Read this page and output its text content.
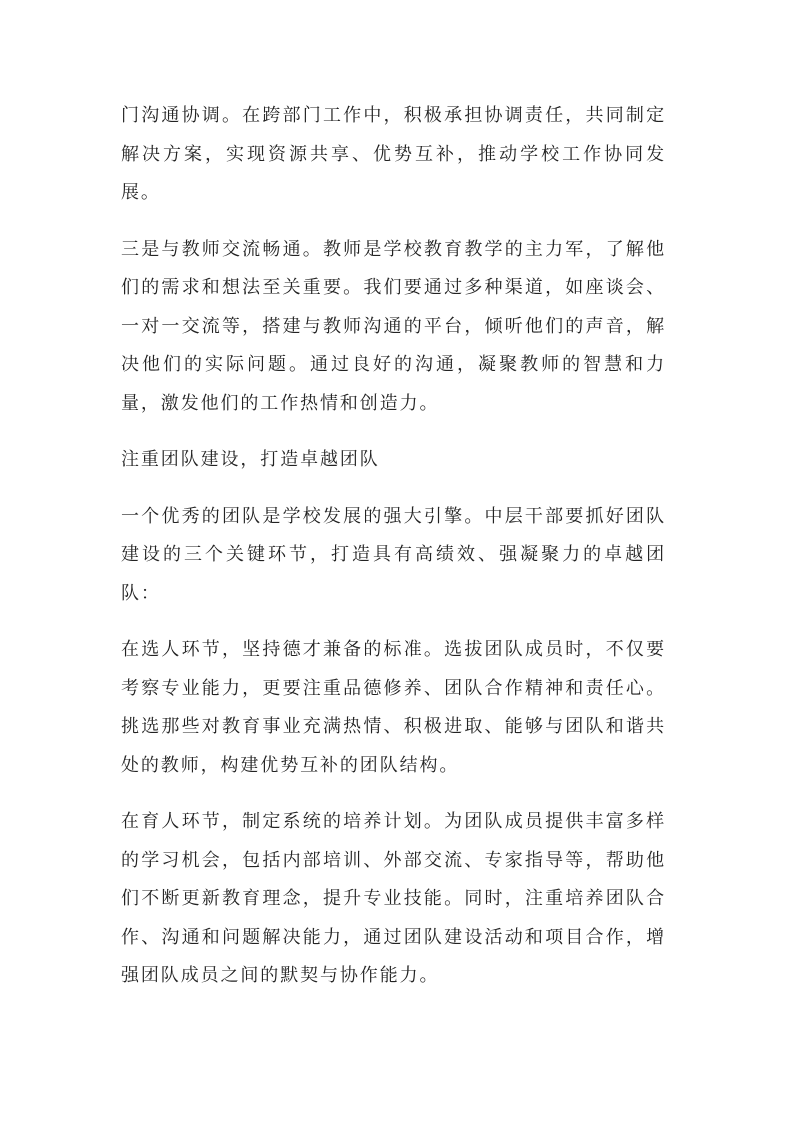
门沟通协调。在跨部门工作中，积极承担协调责任，共同制定解决方案，实现资源共享、优势互补，推动学校工作协同发展。

三是与教师交流畅通。教师是学校教育教学的主力军，了解他们的需求和想法至关重要。我们要通过多种渠道，如座谈会、一对一交流等，搭建与教师沟通的平台，倾听他们的声音，解决他们的实际问题。通过良好的沟通，凝聚教师的智慧和力量，激发他们的工作热情和创造力。

注重团队建设，打造卓越团队

一个优秀的团队是学校发展的强大引擎。中层干部要抓好团队建设的三个关键环节，打造具有高绩效、强凝聚力的卓越团队：

在选人环节，坚持德才兼备的标准。选拔团队成员时，不仅要考察专业能力，更要注重品德修养、团队合作精神和责任心。挑选那些对教育事业充满热情、积极进取、能够与团队和谐共处的教师，构建优势互补的团队结构。

在育人环节，制定系统的培养计划。为团队成员提供丰富多样的学习机会，包括内部培训、外部交流、专家指导等，帮助他们不断更新教育理念，提升专业技能。同时，注重培养团队合作、沟通和问题解决能力，通过团队建设活动和项目合作，增强团队成员之间的默契与协作能力。
